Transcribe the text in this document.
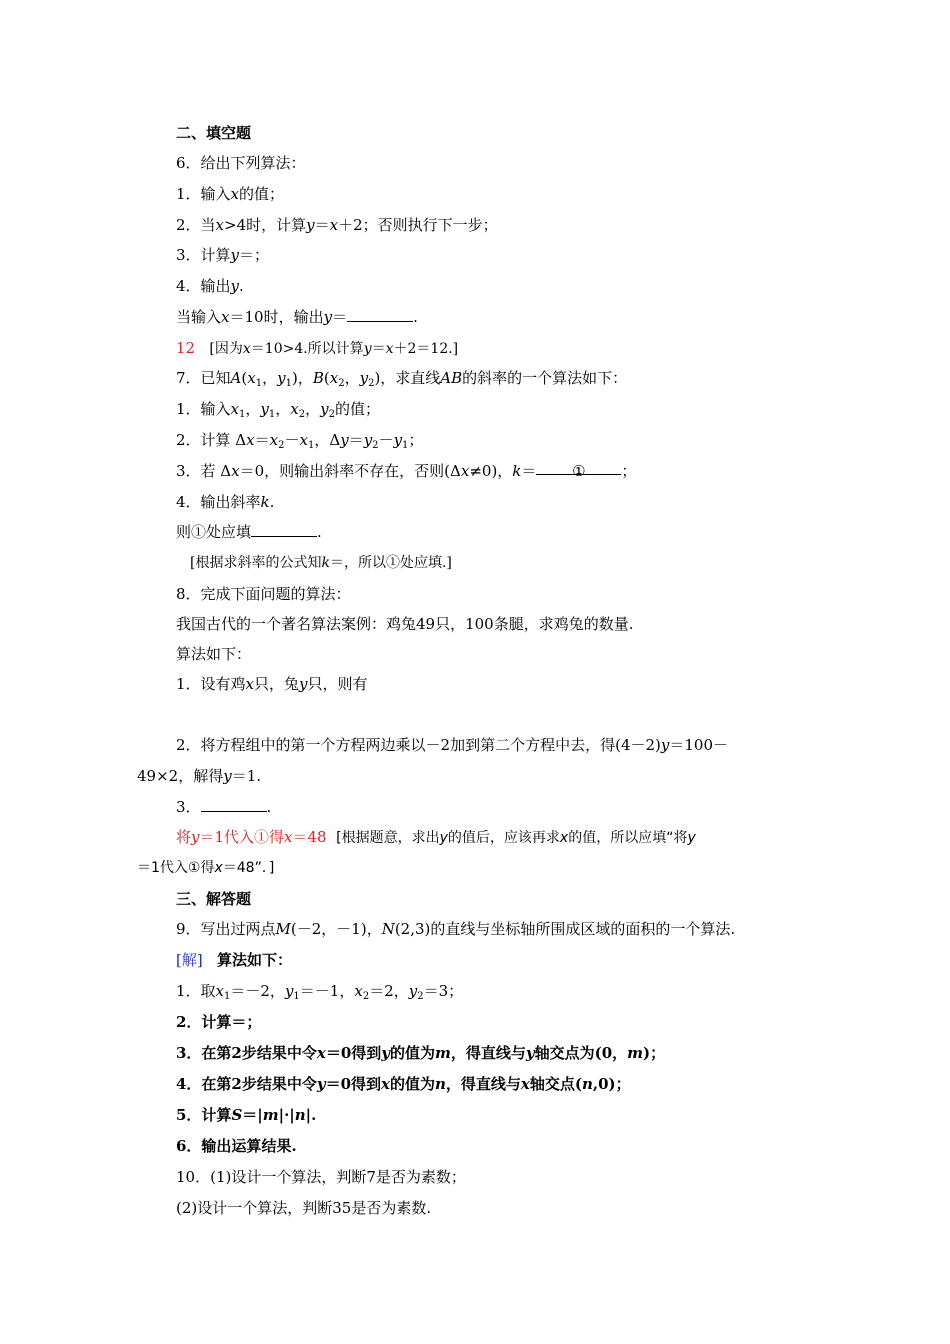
二、填空题
6．给出下列算法：
1．输入x的值；
2．当x>4时，计算y＝x＋2；否则执行下一步；
3．计算y＝；
4．输出y.
当输入x＝10时，输出y＝	.
12 [因为x＝10>4.所以计算y＝x＋2＝12.]
7．已知$A(x_1$，$y_1$)，$B(x_2$，$y_2$)，求直线AB的斜率的一个算法如下：
1．输入$x_1$，$y_1$，$x_2$，$y_2$的值；
2．计算 $\Delta x=x_2-x_1$，$\Delta y=y_2-y_1$；
3．若 Δx＝0，则输出斜率不存在，否则(Δx≠0)，k＝ ① ；
4．输出斜率k.
则①处应填	.
[根据求斜率的公式知k＝，所以①处应填.]
8．完成下面问题的算法：
我国古代的一个著名算法案例：鸡兔49只，100条腿，求鸡兔的数量.
算法如下：
1．设有鸡x只，兔y只，则有
2．将方程组中的第一个方程两边乘以－2加到第二个方程中去，得(4－2)y＝100－
49×2，解得y＝1.
3．	.
将y＝1代入①得x＝48 [根据题意，求出y的值后，应该再求x的值，所以应填“将y
＝1代入①得x＝48”．]
三、解答题
9．写出过两点M(－2，－1)，N(2,3)的直线与坐标轴所围成区域的面积的一个算法.
[解] 算法如下：
1．取$x_1=-2$，$y_1=-1$，$x_2=2$，$y_2=3$；
2．计算＝；
3．在第2步结果中令x＝0得到y的值为m，得直线与y轴交点为(0，m)；
4．在第2步结果中令y＝0得到x的值为n，得直线与x轴交点(n,0)；
5．计算S＝|m|·|n|.
6．输出运算结果.
10．(1)设计一个算法，判断7是否为素数；
(2)设计一个算法，判断35是否为素数.
